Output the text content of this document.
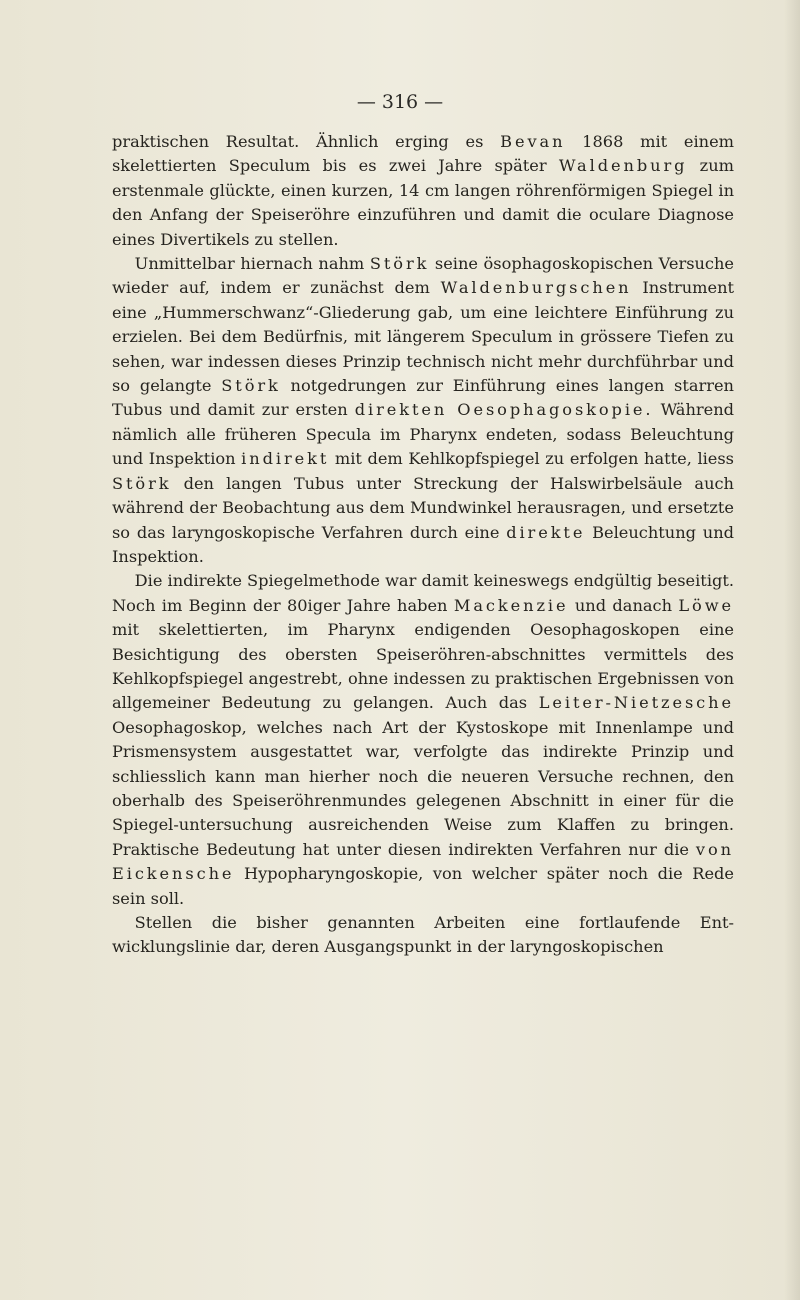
— 316 —

praktischen Resultat. Ähnlich erging es Bevan 1868 mit einem skelettierten Speculum bis es zwei Jahre später Waldenburg zum erstenmale glückte, einen kurzen, 14 cm langen röhrenförmigen Spiegel in den Anfang der Speiseröhre einzuführen und damit die oculare Diagnose eines Divertikels zu stellen.

Unmittelbar hiernach nahm Störk seine ösophagoskopischen Versuche wieder auf, indem er zunächst dem Waldenburgschen Instrument eine „Hummerschwanz“-Gliederung gab, um eine leichtere Einführung zu erzielen. Bei dem Bedürfnis, mit längerem Speculum in grössere Tiefen zu sehen, war indessen dieses Prinzip technisch nicht mehr durchführbar und so gelangte Störk notgedrungen zur Einführung eines langen starren Tubus und damit zur ersten direkten Oesophagoskopie. Während nämlich alle früheren Specula im Pharynx endeten, sodass Beleuchtung und Inspektion indirekt mit dem Kehlkopfspiegel zu erfolgen hatte, liess Störk den langen Tubus unter Streckung der Halswirbelsäule auch während der Beobachtung aus dem Mundwinkel herausragen, und ersetzte so das laryngoskopische Verfahren durch eine direkte Beleuchtung und Inspektion.

Die indirekte Spiegelmethode war damit keineswegs endgültig beseitigt. Noch im Beginn der 80iger Jahre haben Mackenzie und danach Löwe mit skelettierten, im Pharynx endigenden Oesophagoskopen eine Besichtigung des obersten Speiseröhren-abschnittes vermittels des Kehlkopfspiegel angestrebt, ohne indessen zu praktischen Ergebnissen von allgemeiner Bedeutung zu gelangen. Auch das Leiter-Nietzesche Oesophagoskop, welches nach Art der Kystoskope mit Innenlampe und Prismensystem ausgestattet war, verfolgte das indirekte Prinzip und schliesslich kann man hierher noch die neueren Versuche rechnen, den oberhalb des Speiseröhrenmundes gelegenen Abschnitt in einer für die Spiegel-untersuchung ausreichenden Weise zum Klaffen zu bringen. Praktische Bedeutung hat unter diesen indirekten Verfahren nur die von Eickensche Hypopharyngoskopie, von welcher später noch die Rede sein soll.

Stellen die bisher genannten Arbeiten eine fortlaufende Ent-wicklungslinie dar, deren Ausgangspunkt in der laryngoskopischen
